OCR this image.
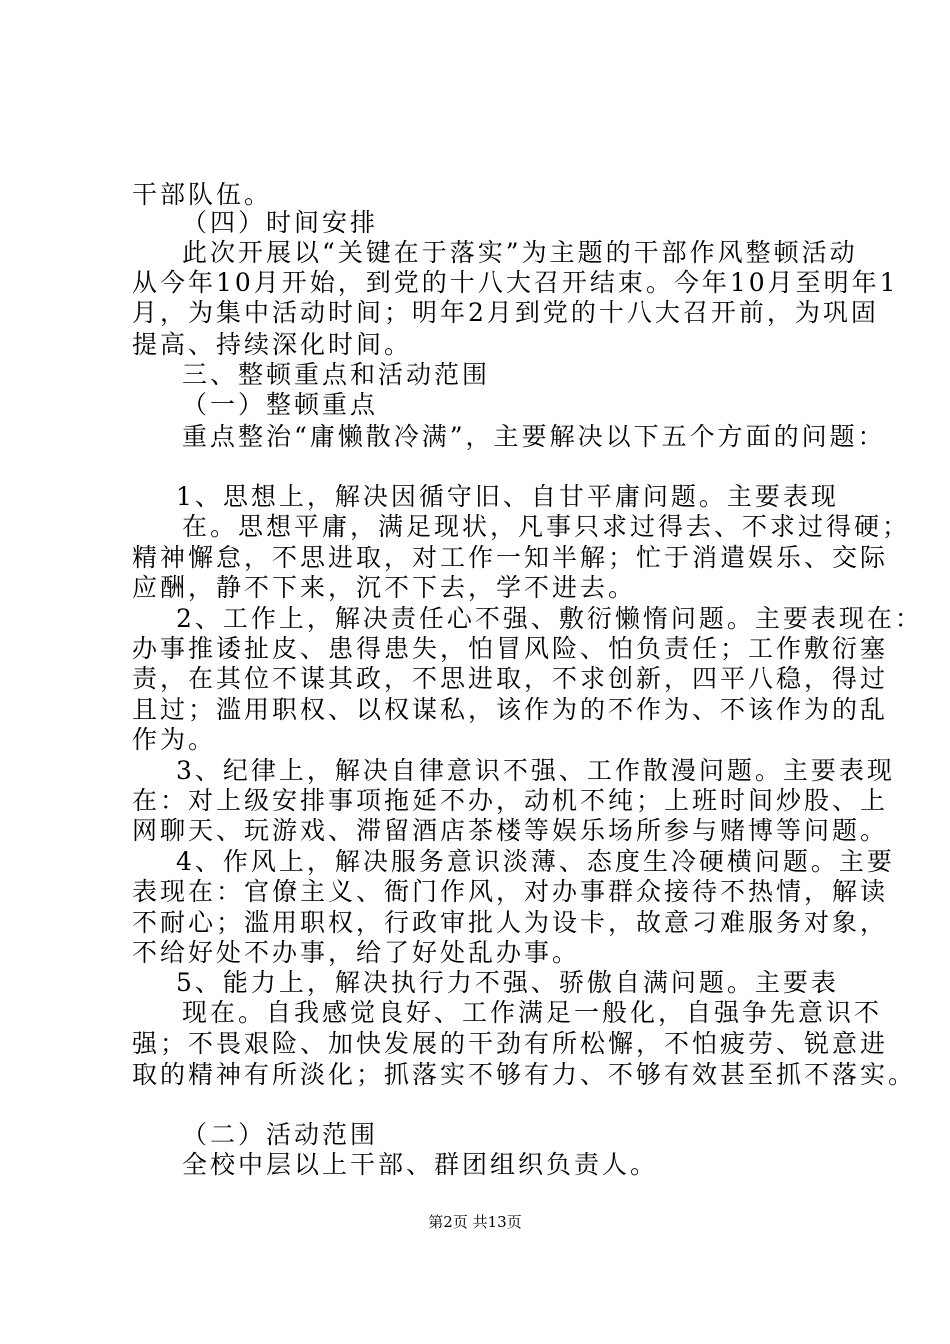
干部队伍。
（四）时间安排
此次开展以“关键在于落实”为主题的干部作风整顿活动
从今年10月开始，到党的十八大召开结束。今年10月至明年1
月，为集中活动时间；明年2月到党的十八大召开前，为巩固
提高、持续深化时间。
三、整顿重点和活动范围
（一）整顿重点
重点整治“庸懒散冷满”，主要解决以下五个方面的问题：
1、思想上，解决因循守旧、自甘平庸问题。主要表现
在。思想平庸，满足现状，凡事只求过得去、不求过得硬；
精神懈怠，不思进取，对工作一知半解；忙于消遣娱乐、交际
应酬，静不下来，沉不下去，学不进去。
2、工作上，解决责任心不强、敷衍懒惰问题。主要表现在：
办事推诿扯皮、患得患失，怕冒风险、怕负责任；工作敷衍塞
责，在其位不谋其政，不思进取，不求创新，四平八稳，得过
且过；滥用职权、以权谋私，该作为的不作为、不该作为的乱
作为。
3、纪律上，解决自律意识不强、工作散漫问题。主要表现
在：对上级安排事项拖延不办，动机不纯；上班时间炒股、上
网聊天、玩游戏、滞留酒店茶楼等娱乐场所参与赌博等问题。
4、作风上，解决服务意识淡薄、态度生冷硬横问题。主要
表现在：官僚主义、衙门作风，对办事群众接待不热情，解读
不耐心；滥用职权，行政审批人为设卡，故意刁难服务对象，
不给好处不办事，给了好处乱办事。
5、能力上，解决执行力不强、骄傲自满问题。主要表
现在。自我感觉良好、工作满足一般化，自强争先意识不
强；不畏艰险、加快发展的干劲有所松懈，不怕疲劳、锐意进
取的精神有所淡化；抓落实不够有力、不够有效甚至抓不落实。
（二）活动范围
全校中层以上干部、群团组织负责人。
第2页 共13页
